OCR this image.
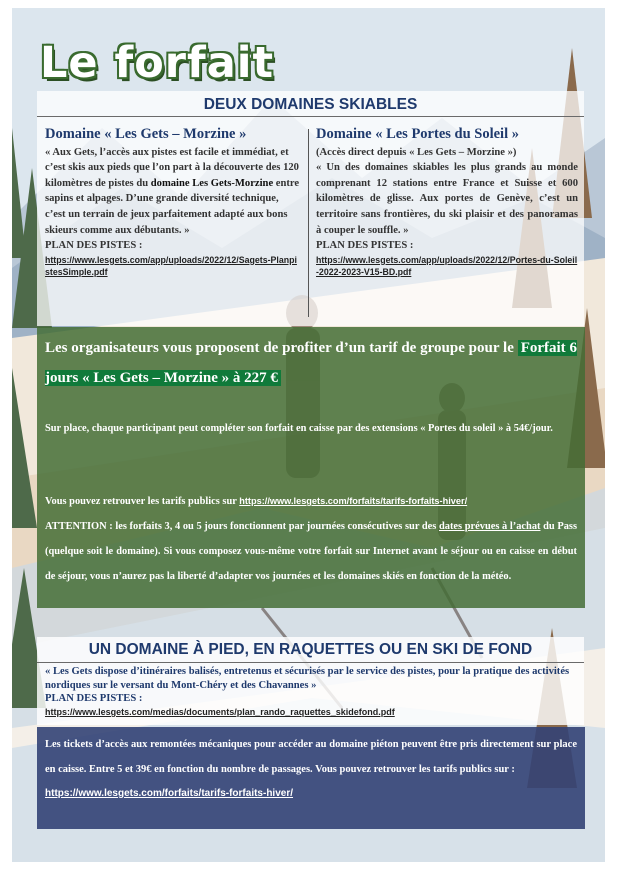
Le forfait
DEUX DOMAINES SKIABLES
Domaine « Les Gets – Morzine »

« Aux Gets, l’accès aux pistes est facile et immédiat, et c’est skis aux pieds que l’on part à la découverte des 120 kilomètres de pistes du domaine Les Gets-Morzine entre sapins et alpages. D’une grande diversité technique, c’est un terrain de jeux parfaitement adapté aux bons skieurs comme aux débutants. »

PLAN DES PISTES :

https://www.lesgets.com/app/uploads/2022/12/Sagets-PlanpistesSimple.pdf
Domaine « Les Portes du Soleil »

(Accès direct depuis « Les Gets – Morzine »)

« Un des domaines skiables les plus grands au monde comprenant 12 stations entre France et Suisse et 600 kilomètres de glisse. Aux portes de Genève, c’est un territoire sans frontières, du ski plaisir et des panoramas à couper le souffle. »

PLAN DES PISTES :

https://www.lesgets.com/app/uploads/2022/12/Portes-du-Soleil-2022-2023-V15-BD.pdf

Les organisateurs vous proposent de profiter d’un tarif de groupe pour le Forfait 6 jours « Les Gets – Morzine » à 227 €

Sur place, chaque participant peut compléter son forfait en caisse par des extensions « Portes du soleil » à 54€/jour.

Vous pouvez retrouver les tarifs publics sur https://www.lesgets.com/forfaits/tarifs-forfaits-hiver/
ATTENTION : les forfaits 3, 4 ou 5 jours fonctionnent par journées consécutives sur des dates prévues à l’achat du Pass (quelque soit le domaine). Si vous composez vous-même votre forfait sur Internet avant le séjour ou en caisse en début de séjour, vous n’aurez pas la liberté d’adapter vos journées et les domaines skiés en fonction de la météo.

UN DOMAINE À PIED, EN RAQUETTES OU EN SKI DE FOND

« Les Gets dispose d’itinéraires balisés, entretenus et sécurisés par le service des pistes, pour la pratique des activités nordiques sur le versant du Mont-Chéry et des Chavannes »

PLAN DES PISTES :

https://www.lesgets.com/medias/documents/plan_rando_raquettes_skidefond.pdf

Les tickets d’accès aux remontées mécaniques pour accéder au domaine piéton peuvent être pris directement sur place en caisse. Entre 5 et 39€ en fonction du nombre de passages. Vous pouvez retrouver les tarifs publics sur :
https://www.lesgets.com/forfaits/tarifs-forfaits-hiver/
